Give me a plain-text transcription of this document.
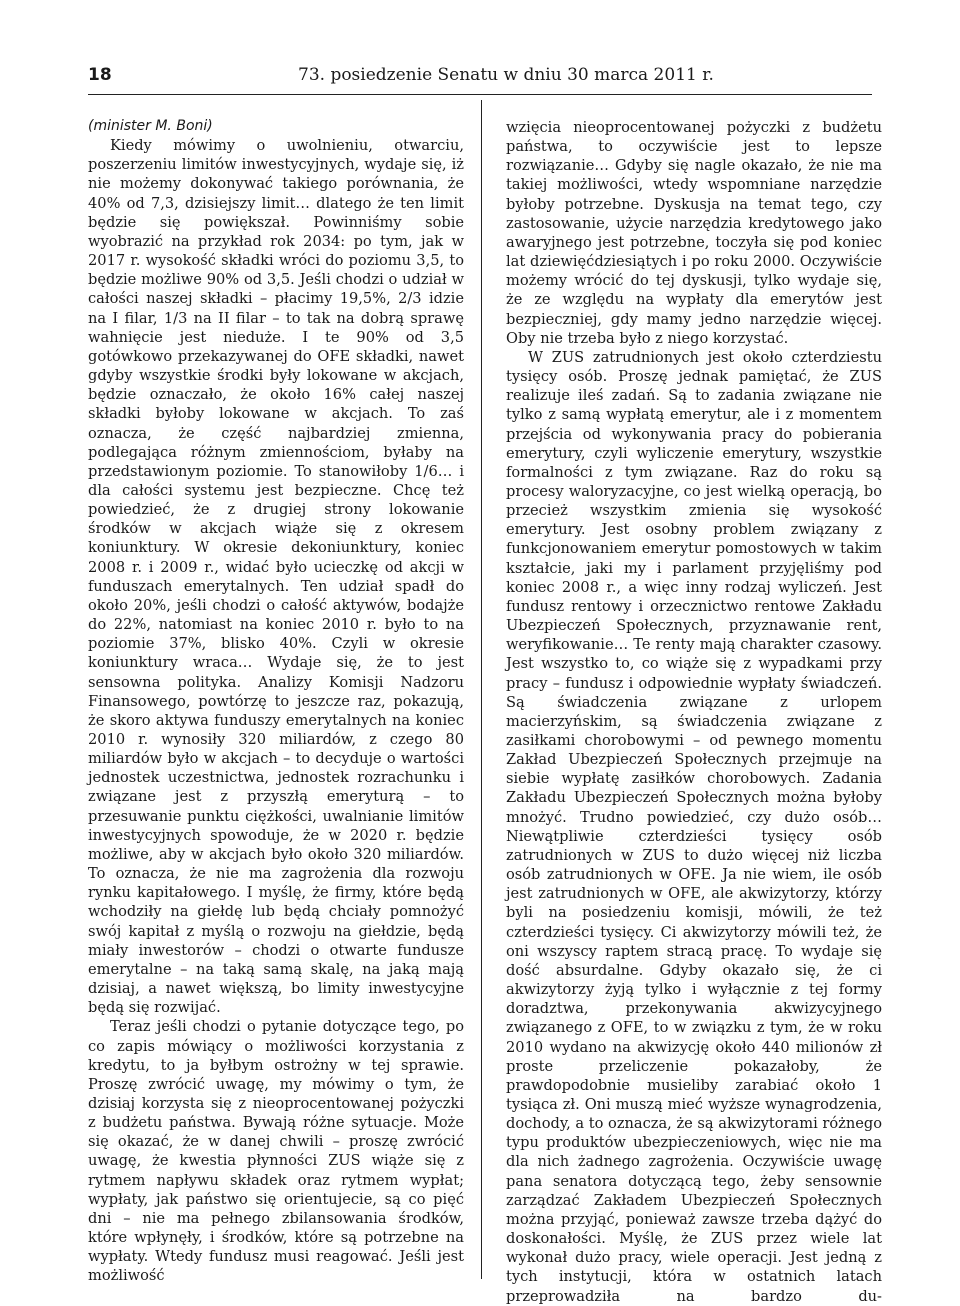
18	73. posiedzenie Senatu w dniu 30 marca 2011 r.

(minister M. Boni)

Kiedy mówimy o uwolnieniu, otwarciu, poszerzeniu limitów inwestycyjnych, wydaje się, iż nie możemy dokonywać takiego porównania, że 40% od 7,3, dzisiejszy limit… dlatego że ten limit będzie się powiększał. Powinniśmy sobie wyobrazić na przykład rok 2034: po tym, jak w 2017 r. wysokość składki wróci do poziomu 3,5, to będzie możliwe 90% od 3,5. Jeśli chodzi o udział w całości naszej składki – płacimy 19,5%, 2/3 idzie na I filar, 1/3 na II filar – to tak na dobrą sprawę wahnięcie jest nieduże. I te 90% od 3,5 gotówkowo przekazywanej do OFE składki, nawet gdyby wszystkie środki były lokowane w akcjach, będzie oznaczało, że około 16% całej naszej składki byłoby lokowane w akcjach. To zaś oznacza, że część najbardziej zmienna, podlegająca różnym zmiennościom, byłaby na przedstawionym poziomie. To stanowiłoby 1/6… i dla całości systemu jest bezpieczne. Chcę też powiedzieć, że z drugiej strony lokowanie środków w akcjach wiąże się z okresem koniunktury. W okresie dekoniunktury, koniec 2008 r. i 2009 r., widać było ucieczkę od akcji w funduszach emerytalnych. Ten udział spadł do około 20%, jeśli chodzi o całość aktywów, bodajże do 22%, natomiast na koniec 2010 r. było to na poziomie 37%, blisko 40%. Czyli w okresie koniunktury wraca… Wydaje się, że to jest sensowna polityka. Analizy Komisji Nadzoru Finansowego, powtórzę to jeszcze raz, pokazują, że skoro aktywa funduszy emerytalnych na koniec 2010 r. wynosiły 320 miliardów, z czego 80 miliardów było w akcjach – to decyduje o wartości jednostek uczestnictwa, jednostek rozrachunku i związane jest z przyszłą emeryturą – to przesuwanie punktu ciężkości, uwalnianie limitów inwestycyjnych spowoduje, że w 2020 r. będzie możliwe, aby w akcjach było około 320 miliardów. To oznacza, że nie ma zagrożenia dla rozwoju rynku kapitałowego. I myślę, że firmy, które będą wchodziły na giełdę lub będą chciały pomnożyć swój kapitał z myślą o rozwoju na giełdzie, będą miały inwestorów – chodzi o otwarte fundusze emerytalne – na taką samą skalę, na jaką mają dzisiaj, a nawet większą, bo limity inwestycyjne będą się rozwijać.

Teraz jeśli chodzi o pytanie dotyczące tego, po co zapis mówiący o możliwości korzystania z kredytu, to ja byłbym ostrożny w tej sprawie. Proszę zwrócić uwagę, my mówimy o tym, że dzisiaj korzysta się z nieoprocentowanej pożyczki z budżetu państwa. Bywają różne sytuacje. Może się okazać, że w danej chwili – proszę zwrócić uwagę, że kwestia płynności ZUS wiąże się z rytmem napływu składek oraz rytmem wypłat; wypłaty, jak państwo się orientujecie, są co pięć dni – nie ma pełnego zbilansowania środków, które wpłynęły, i środków, które są potrzebne na wypłaty. Wtedy fundusz musi reagować. Jeśli jest możliwość

wzięcia nieoprocentowanej pożyczki z budżetu państwa, to oczywiście jest to lepsze rozwiązanie… Gdyby się nagle okazało, że nie ma takiej możliwości, wtedy wspomniane narzędzie byłoby potrzebne. Dyskusja na temat tego, czy zastosowanie, użycie narzędzia kredytowego jako awaryjnego jest potrzebne, toczyła się pod koniec lat dziewięćdziesiątych i po roku 2000. Oczywiście możemy wrócić do tej dyskusji, tylko wydaje się, że ze względu na wypłaty dla emerytów jest bezpieczniej, gdy mamy jedno narzędzie więcej. Oby nie trzeba było z niego korzystać.

W ZUS zatrudnionych jest około czterdziestu tysięcy osób. Proszę jednak pamiętać, że ZUS realizuje ileś zadań. Są to zadania związane nie tylko z samą wypłatą emerytur, ale i z momentem przejścia od wykonywania pracy do pobierania emerytury, czyli wyliczenie emerytury, wszystkie formalności z tym związane. Raz do roku są procesy waloryzacyjne, co jest wielką operacją, bo przecież wszystkim zmienia się wysokość emerytury. Jest osobny problem związany z funkcjonowaniem emerytur pomostowych w takim kształcie, jaki my i parlament przyjęliśmy pod koniec 2008 r., a więc inny rodzaj wyliczeń. Jest fundusz rentowy i orzecznictwo rentowe Zakładu Ubezpieczeń Społecznych, przyznawanie rent, weryfikowanie… Te renty mają charakter czasowy. Jest wszystko to, co wiąże się z wypadkami przy pracy – fundusz i odpowiednie wypłaty świadczeń. Są świadczenia związane z urlopem macierzyńskim, są świadczenia związane z zasiłkami chorobowymi – od pewnego momentu Zakład Ubezpieczeń Społecznych przejmuje na siebie wypłatę zasiłków chorobowych. Zadania Zakładu Ubezpieczeń Społecznych można byłoby mnożyć. Trudno powiedzieć, czy dużo osób… Niewątpliwie czterdzieści tysięcy osób zatrudnionych w ZUS to dużo więcej niż liczba osób zatrudnionych w OFE. Ja nie wiem, ile osób jest zatrudnionych w OFE, ale akwizytorzy, którzy byli na posiedzeniu komisji, mówili, że też czterdzieści tysięcy. Ci akwizytorzy mówili też, że oni wszyscy raptem stracą pracę. To wydaje się dość absurdalne. Gdyby okazało się, że ci akwizytorzy żyją tylko i wyłącznie z tej formy doradztwa, przekonywania akwizycyjnego związanego z OFE, to w związku z tym, że w roku 2010 wydano na akwizycję około 440 milionów zł proste przeliczenie pokazałoby, że prawdopodobnie musieliby zarabiać około 1 tysiąca zł. Oni muszą mieć wyższe wynagrodzenia, dochody, a to oznacza, że są akwizytorami różnego typu produktów ubezpieczeniowych, więc nie ma dla nich żadnego zagrożenia. Oczywiście uwagę pana senatora dotyczącą tego, żeby sensownie zarządzać Zakładem Ubezpieczeń Społecznych można przyjąć, ponieważ zawsze trzeba dążyć do doskonałości. Myślę, że ZUS przez wiele lat wykonał dużo pracy, wiele operacji. Jest jedną z tych instytucji, która w ostatnich latach przeprowadziła na bardzo du-
